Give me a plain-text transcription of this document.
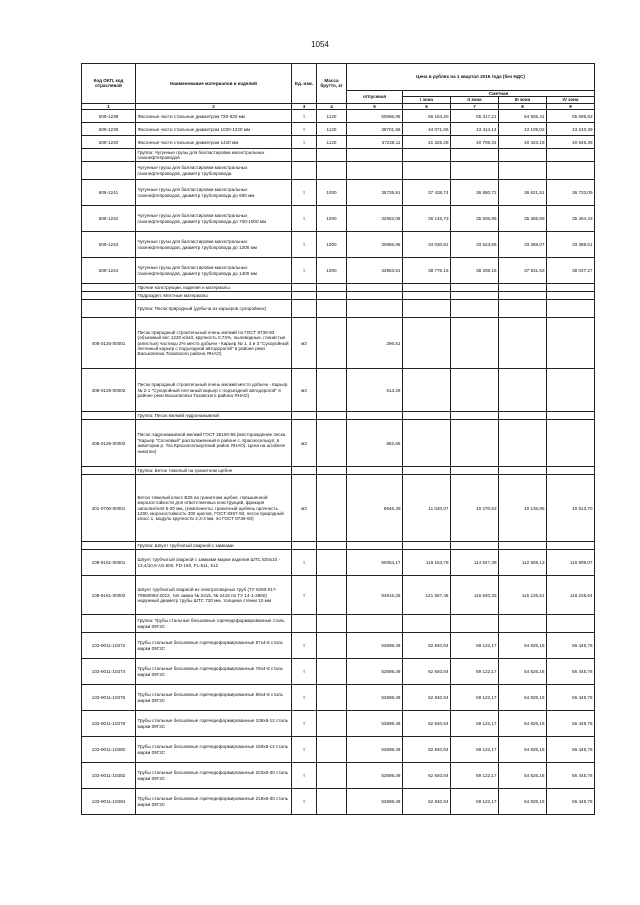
1054
Код ОКП, код отраслевой	Наименование материалов и изделий	Ед. изм.	Масса брутто, кг	Цена в рублях на 1 квартал 2016 года (без НДС)				
				отпускная	Сметная			
					I зона	II зона	III зона	IV зона
1	2	3	4	5	6	7	8	9
509-1238	Фасонные части стальные диаметром 720-820 мм	т	1120	50596,85	66 154,20	55 317,21	54 926,41	55 095,83
509-1239	Фасонные части стальные диаметром 1020-1220 мм	т	1120	39701,66	44 071,06	43 414,14	43 109,02	43 240,39
509-1240	Фасонные части стальные диаметром 1420 мм	т	1120	37228,11	41 325,28	40 709,31	40 423,19	40 546,39
	Группа: Чугунные грузы для балластировки магистральных газонефтепроводов							
	Чугунные грузы для балластировки магистральных газонефтепроводов, диаметр трубопровода							
509-1241	Чугунные грузы для балластировки магистральных газонефтепроводов, диаметр трубопровода до 600 мм	т	1000	35726,91	37 438,74	36 880,72	36 621,51	36 733,09
509-1242	Чугунные грузы для балластировки магистральных газонефтепроводов, диаметр трубопровода до 700-1000 мм	т	1000	32582,08	36 145,73	35 606,96	35 356,69	35 464,43
509-1243	Чугунные грузы для балластировки магистральных газонефтепроводов, диаметр трубопровода до 1200 мм	т	1000	30856,95	34 030,91	33 523,66	33 288,07	33 389,51
509-1244	Чугунные грузы для балластировки магистральных газонефтепроводов, диаметр трубопровода до 1400 мм	т	1000	34953,51	38 775,15	38 208,16	37 931,63	38 047,27
	Прочие конструкции, изделия и материалы							
	Подраздел: Местные материалы							
	Группа: Песок природный (добыча из карьеров сухоройных)							
408-0125-00001	Песок природный строительный очень мелкий по ГОСТ 8736-93 (объемный вес 1220 кг/м3, крупность 0,74%, пылевидные, глинистые (илистые) частицы 2% место добычи - Карьер № 1, 2 и 3 "Сухоройный песчаный карьер с подъездной автодорогой" в районе реки Васьковэяха Тазовского района ЯНАО)	м3		296,51				
408-0125-00002	Песок природный строительный очень мелкий место добычи - Карьер № 2-1 "Сухоройный песчаный карьер с подъездной автодорогой" в районе реки Васьковэяха Тазовского района ЯНАО)	м3		613,29				
	Группа: Песок мелкий гидронамывной							
408-0125-00002	Песок гидронамывной мелкий ГОСТ 25100-95 (месторождение песка "Карьер "Сосновый" расположенный в районе с. Красноселькуп, в акватории р. Таз Красноселькупский район ЯНАО). Цена на штабеле намотке)	м3		862,65				
	Группа: Бетон тяжелый на гранитном щебне							
401-0700-00001	Бетон тяжелый класс В25 на гранитном щебне, повышенной морозостойкости для ответственных конструкций, фракция заполнителя 5-20 мм, (компоненты: гранитный щебень прочность 1200, морозостойкость 300 циклов, ГОСТ 8267-93, песок природный класс 1, модуль крупности 2,3-3 мм, по ГОСТ 8736-93)	м3		8646,39	11 020,07	10 270,53	10 136,85	10 613,70
	Группа: Шпунт трубчатый сварной с замками							
109-9161-00001	Шпунт трубчатый сварной с замками марки изделия ШТС 820х10 - 13,4/10,6 АS-500, FD-160, FL-511, 512	т		90054,17	119 163,78	114 647,39	112 559,13	116 899,07
109-9161-00002	Шпунт трубчатый сварной из электросварных труб (ТУ 5260-017-79580093-2012, тип замка № 2415, № 2416 по ТУ 14-1-3860) наружный диаметр трубы ШТС 720 мм, толщина стенки 10 мм	т		94915,25	121 567,46	116 840,33	115 126,51	118 226,64
	Группа: Трубы стальные бесшовные горячедеформированные сталь марки 09Г2С							
103-9011-10372	Трубы стальные бесшовные горячедеформированные 57х4-6 сталь марки 09Г2С	т		53698,49	62 840,64	59 122,17	54 826,16	56 445,76
103-9011-10374	Трубы стальные бесшовные горячедеформированные 76х4-6 сталь марки 09Г2С	т		53698,49	62 840,64	59 122,17	54 826,16	56 445,76
103-9011-10376	Трубы стальные бесшовные горячедеформированные 89х4-6 сталь марки 09Г2С	т		53698,49	62 840,64	59 122,17	54 826,16	56 445,76
103-9011-10378	Трубы стальные бесшовные горячедеформированные 108х8-12 сталь марки 09Г2С	т		53698,49	62 840,64	59 122,17	54 826,16	56 445,76
103-9011-10380	Трубы стальные бесшовные горячедеформированные 159х8-12 сталь марки 09Г2С	т		53698,49	62 840,64	59 122,17	54 826,16	56 445,76
103-9011-10382	Трубы стальные бесшовные горячедеформированные 203х8-30 сталь марки 09Г2С	т		53698,49	62 840,64	59 122,17	54 826,16	56 445,76
103-9011-10384	Трубы стальные бесшовные горячедеформированные 219х8-30 сталь марки 09Г2С	т		53698,49	62 840,64	59 122,17	54 826,16	56 445,76
